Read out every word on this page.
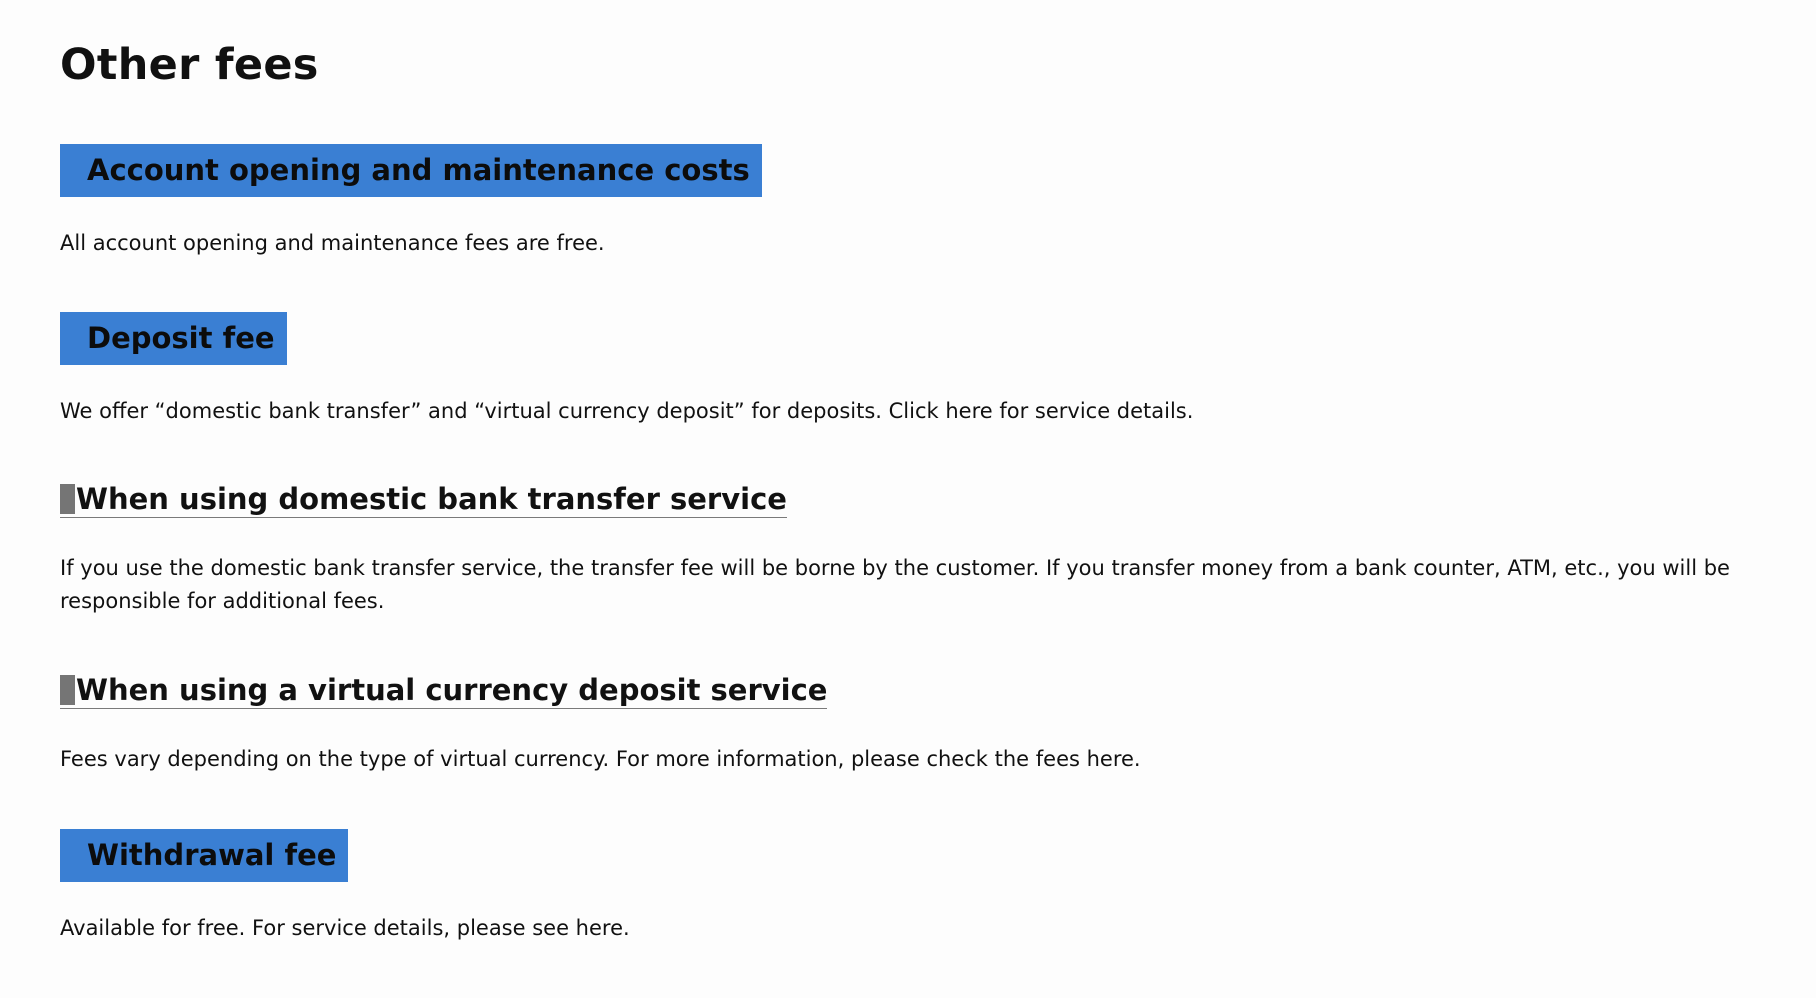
Other fees
Account opening and maintenance costs

All account opening and maintenance fees are free.

Deposit fee

We offer “domestic bank transfer” and “virtual currency deposit” for deposits. Click here for service details.

When using domestic bank transfer service

If you use the domestic bank transfer service, the transfer fee will be borne by the customer. If you transfer money from a bank counter, ATM, etc., you will be responsible for additional fees.

When using a virtual currency deposit service

Fees vary depending on the type of virtual currency. For more information, please check the fees here.

Withdrawal fee

Available for free. For service details, please see here.
